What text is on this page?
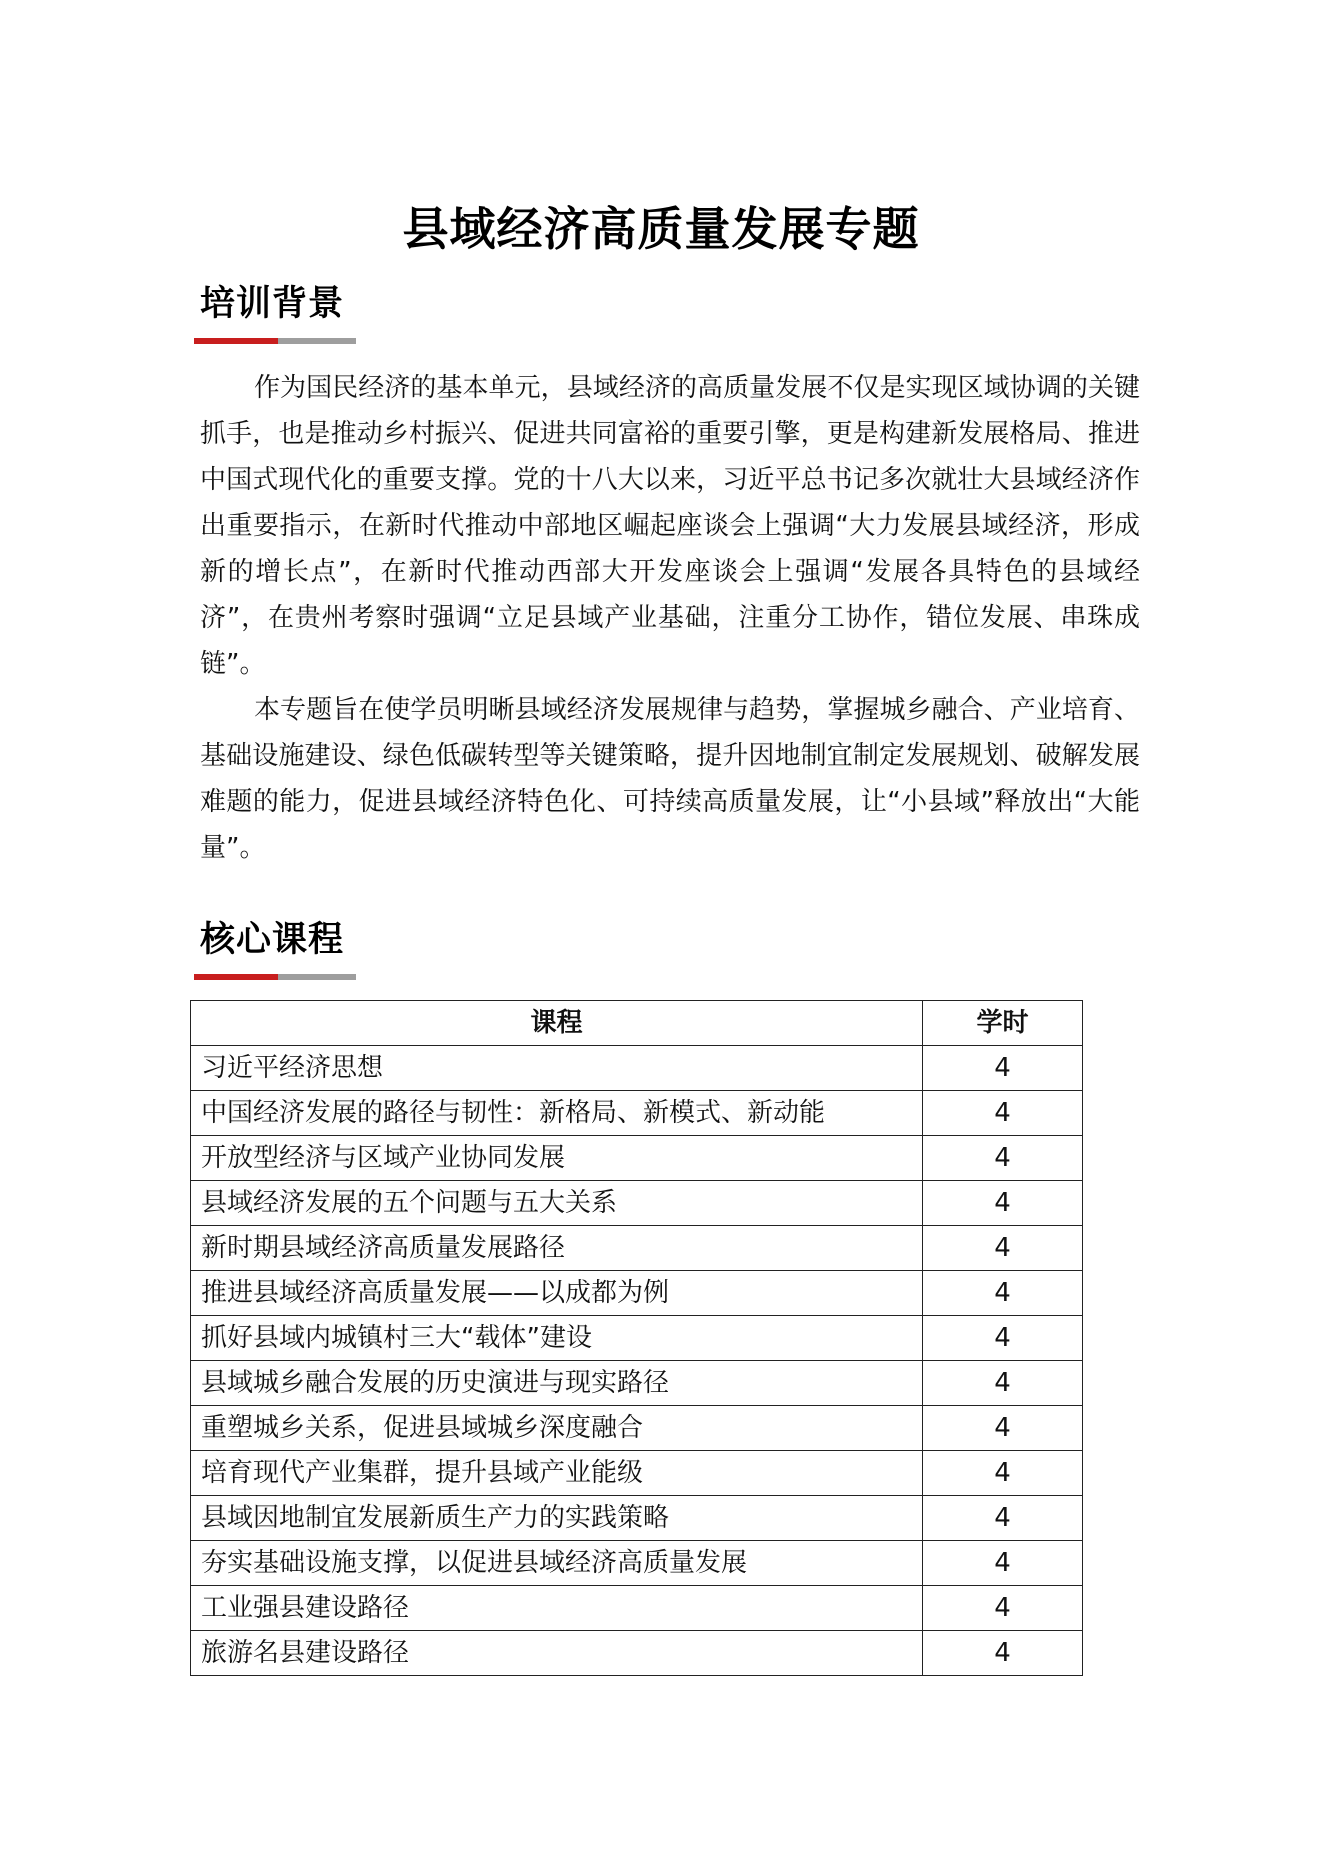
县域经济高质量发展专题
培训背景

作为国民经济的基本单元，县域经济的高质量发展不仅是实现区域协调的关键抓手，也是推动乡村振兴、促进共同富裕的重要引擎，更是构建新发展格局、推进中国式现代化的重要支撑。党的十八大以来，习近平总书记多次就壮大县域经济作出重要指示，在新时代推动中部地区崛起座谈会上强调“大力发展县域经济，形成新的增长点”，在新时代推动西部大开发座谈会上强调“发展各具特色的县域经济”，在贵州考察时强调“立足县域产业基础，注重分工协作，错位发展、串珠成链”。

本专题旨在使学员明晰县域经济发展规律与趋势，掌握城乡融合、产业培育、基础设施建设、绿色低碳转型等关键策略，提升因地制宜制定发展规划、破解发展难题的能力，促进县域经济特色化、可持续高质量发展，让“小县域”释放出“大能量”。

核心课程
课程	学时
习近平经济思想	4
中国经济发展的路径与韧性：新格局、新模式、新动能	4
开放型经济与区域产业协同发展	4
县域经济发展的五个问题与五大关系	4
新时期县域经济高质量发展路径	4
推进县域经济高质量发展——以成都为例	4
抓好县域内城镇村三大“载体”建设	4
县域城乡融合发展的历史演进与现实路径	4
重塑城乡关系，促进县域城乡深度融合	4
培育现代产业集群，提升县域产业能级	4
县域因地制宜发展新质生产力的实践策略	4
夯实基础设施支撑，以促进县域经济高质量发展	4
工业强县建设路径	4
旅游名县建设路径	4
